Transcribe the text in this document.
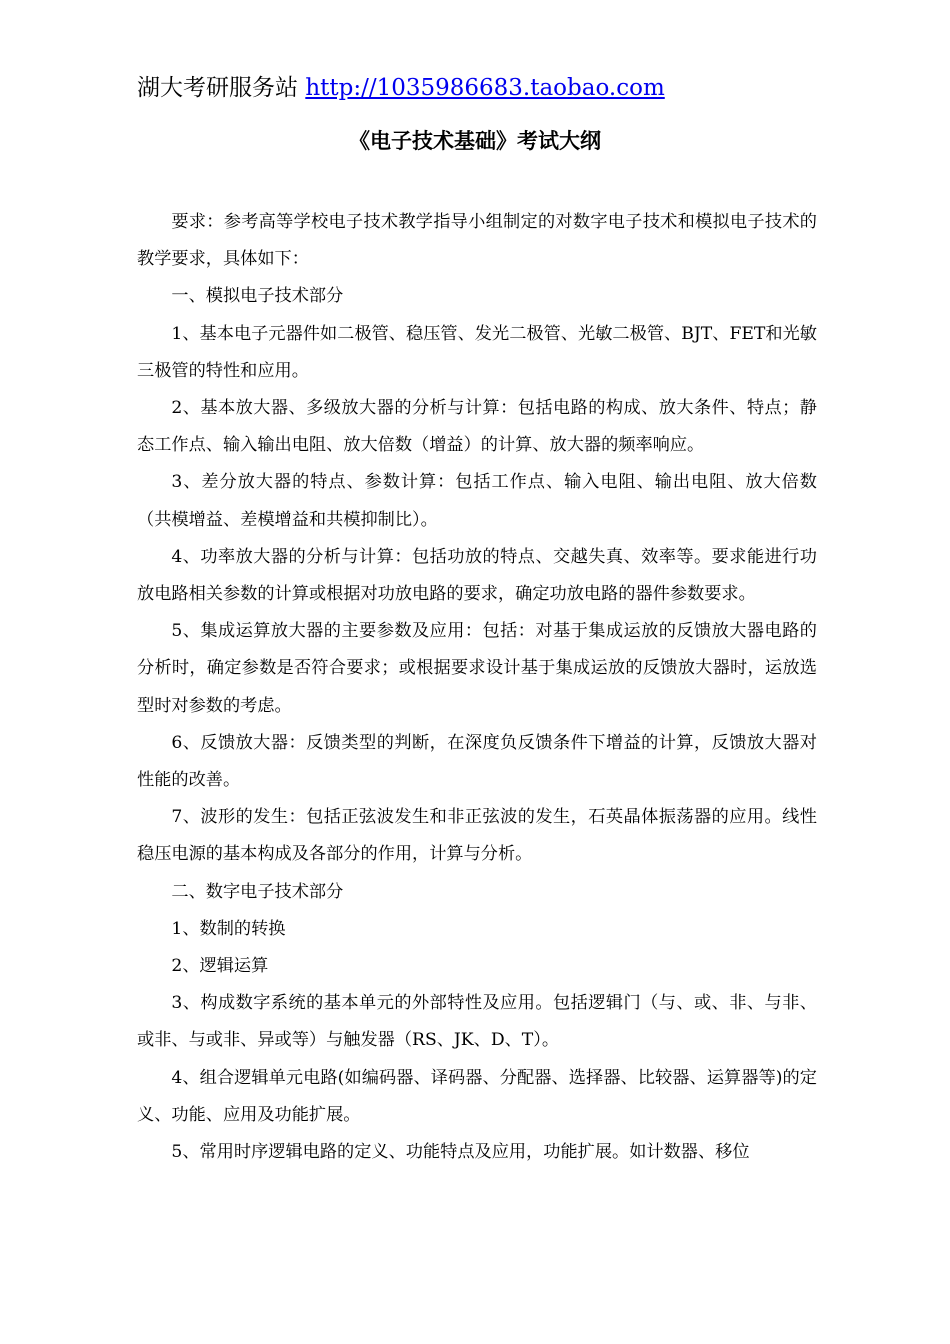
湖大考研服务站 http://1035986683.taobao.com
《电子技术基础》考试大纲

要求：参考高等学校电子技术教学指导小组制定的对数字电子技术和模拟电子技术的教学要求，具体如下：

一、模拟电子技术部分

1、基本电子元器件如二极管、稳压管、发光二极管、光敏二极管、BJT、FET和光敏三极管的特性和应用。

2、基本放大器、多级放大器的分析与计算：包括电路的构成、放大条件、特点；静态工作点、输入输出电阻、放大倍数（增益）的计算、放大器的频率响应。

3、差分放大器的特点、参数计算：包括工作点、输入电阻、输出电阻、放大倍数（共模增益、差模增益和共模抑制比）。

4、功率放大器的分析与计算：包括功放的特点、交越失真、效率等。要求能进行功放电路相关参数的计算或根据对功放电路的要求，确定功放电路的器件参数要求。

5、集成运算放大器的主要参数及应用：包括：对基于集成运放的反馈放大器电路的分析时，确定参数是否符合要求；或根据要求设计基于集成运放的反馈放大器时，运放选型时对参数的考虑。

6、反馈放大器：反馈类型的判断，在深度负反馈条件下增益的计算，反馈放大器对性能的改善。

7、波形的发生：包括正弦波发生和非正弦波的发生，石英晶体振荡器的应用。线性稳压电源的基本构成及各部分的作用，计算与分析。

二、数字电子技术部分

1、数制的转换

2、逻辑运算

3、构成数字系统的基本单元的外部特性及应用。包括逻辑门（与、或、非、与非、或非、与或非、异或等）与触发器（RS、JK、D、T）。

4、组合逻辑单元电路(如编码器、译码器、分配器、选择器、比较器、运算器等)的定义、功能、应用及功能扩展。

5、常用时序逻辑电路的定义、功能特点及应用，功能扩展。如计数器、移位
